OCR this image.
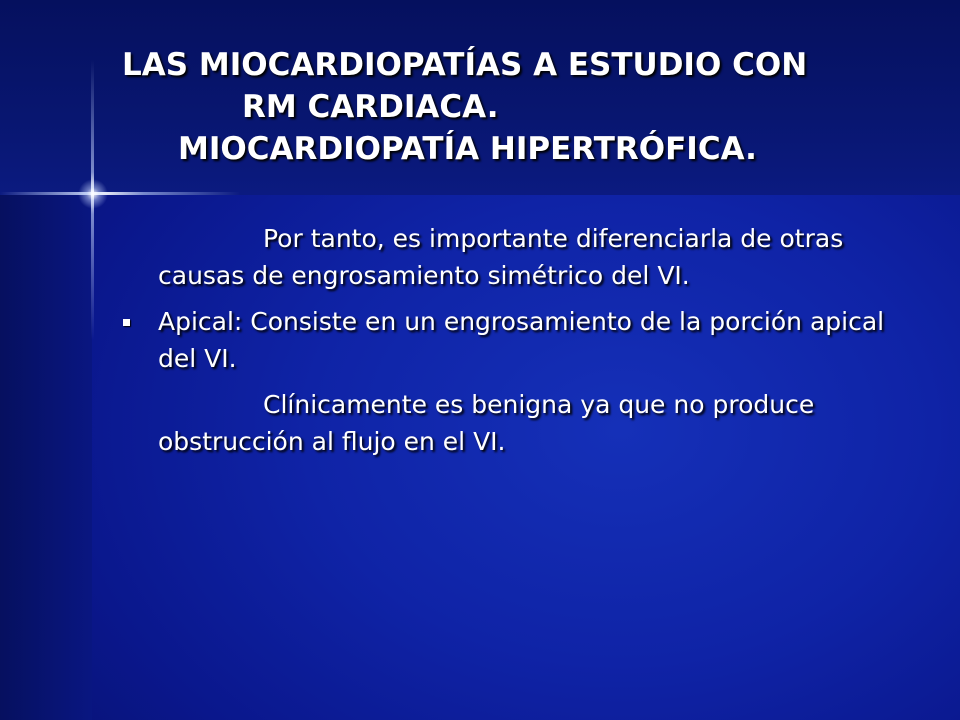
LAS MIOCARDIOPATÍAS A ESTUDIO CON
RM CARDIACA.
MIOCARDIOPATÍA HIPERTRÓFICA.

Por tanto, es importante diferenciarla de otras causas de engrosamiento simétrico del VI.

Apical: Consiste en un engrosamiento de la porción apical del VI.

Clínicamente es benigna ya que no produce obstrucción al flujo en el VI.
